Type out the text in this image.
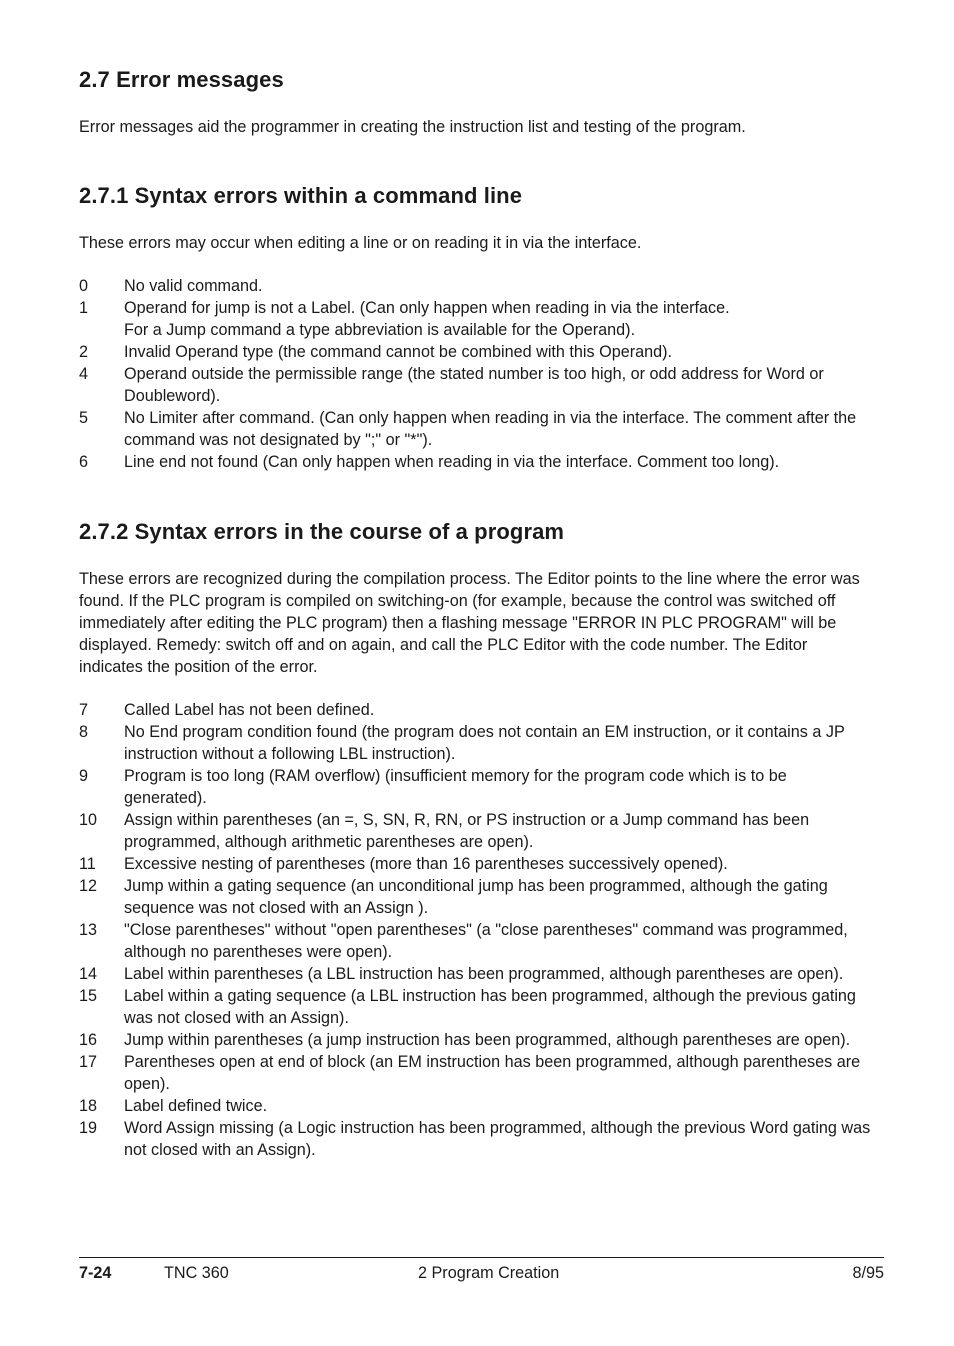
2.7 Error messages

Error messages aid the programmer in creating the instruction list and testing of the program.

2.7.1 Syntax errors within a command line

These errors may occur when editing a line or on reading it in via the interface.

0	No valid command.
1	Operand for jump is not a Label. (Can only happen when reading in via the interface.
For a Jump command a type abbreviation is available for the Operand).
2	Invalid Operand type (the command cannot be combined with this Operand).
4	Operand outside the permissible range (the stated number is too high, or odd address for Word or Doubleword).
5	No Limiter after command. (Can only happen when reading in via the interface. The comment after the command was not designated by ";" or "*").
6	Line end not found (Can only happen when reading in via the interface. Comment too long).
2.7.2 Syntax errors in the course of a program

These errors are recognized during the compilation process. The Editor points to the line where the error was found. If the PLC program is compiled on switching-on (for example, because the control was switched off immediately after editing the PLC program) then a flashing message "ERROR IN PLC PROGRAM" will be displayed. Remedy: switch off and on again, and call the PLC Editor with the code number. The Editor indicates the position of the error.

7	Called Label has not been defined.
8	No End program condition found (the program does not contain an EM instruction, or it contains a JP instruction without a following LBL instruction).
9	Program is too long (RAM overflow) (insufficient memory for the program code which is to be generated).
10	Assign within parentheses (an =, S, SN, R, RN, or PS instruction or a Jump command has been programmed, although arithmetic parentheses are open).
11	Excessive nesting of parentheses (more than 16 parentheses successively opened).
12	Jump within a gating sequence (an unconditional jump has been programmed, although the gating sequence was not closed with an Assign ).
13	"Close parentheses" without "open parentheses" (a "close parentheses" command was programmed, although no parentheses were open).
14	Label within parentheses (a LBL instruction has been programmed, although parentheses are open).
15	Label within a gating sequence (a LBL instruction has been programmed, although the previous gating was not closed with an Assign).
16	Jump within parentheses (a jump instruction has been programmed, although parentheses are open).
17	Parentheses open at end of block (an EM instruction has been programmed, although parentheses are open).
18	Label defined twice.
19	Word Assign missing (a Logic instruction has been programmed, although the previous Word gating was not closed with an Assign).
7-24	TNC 360	2 Program Creation	8/95
